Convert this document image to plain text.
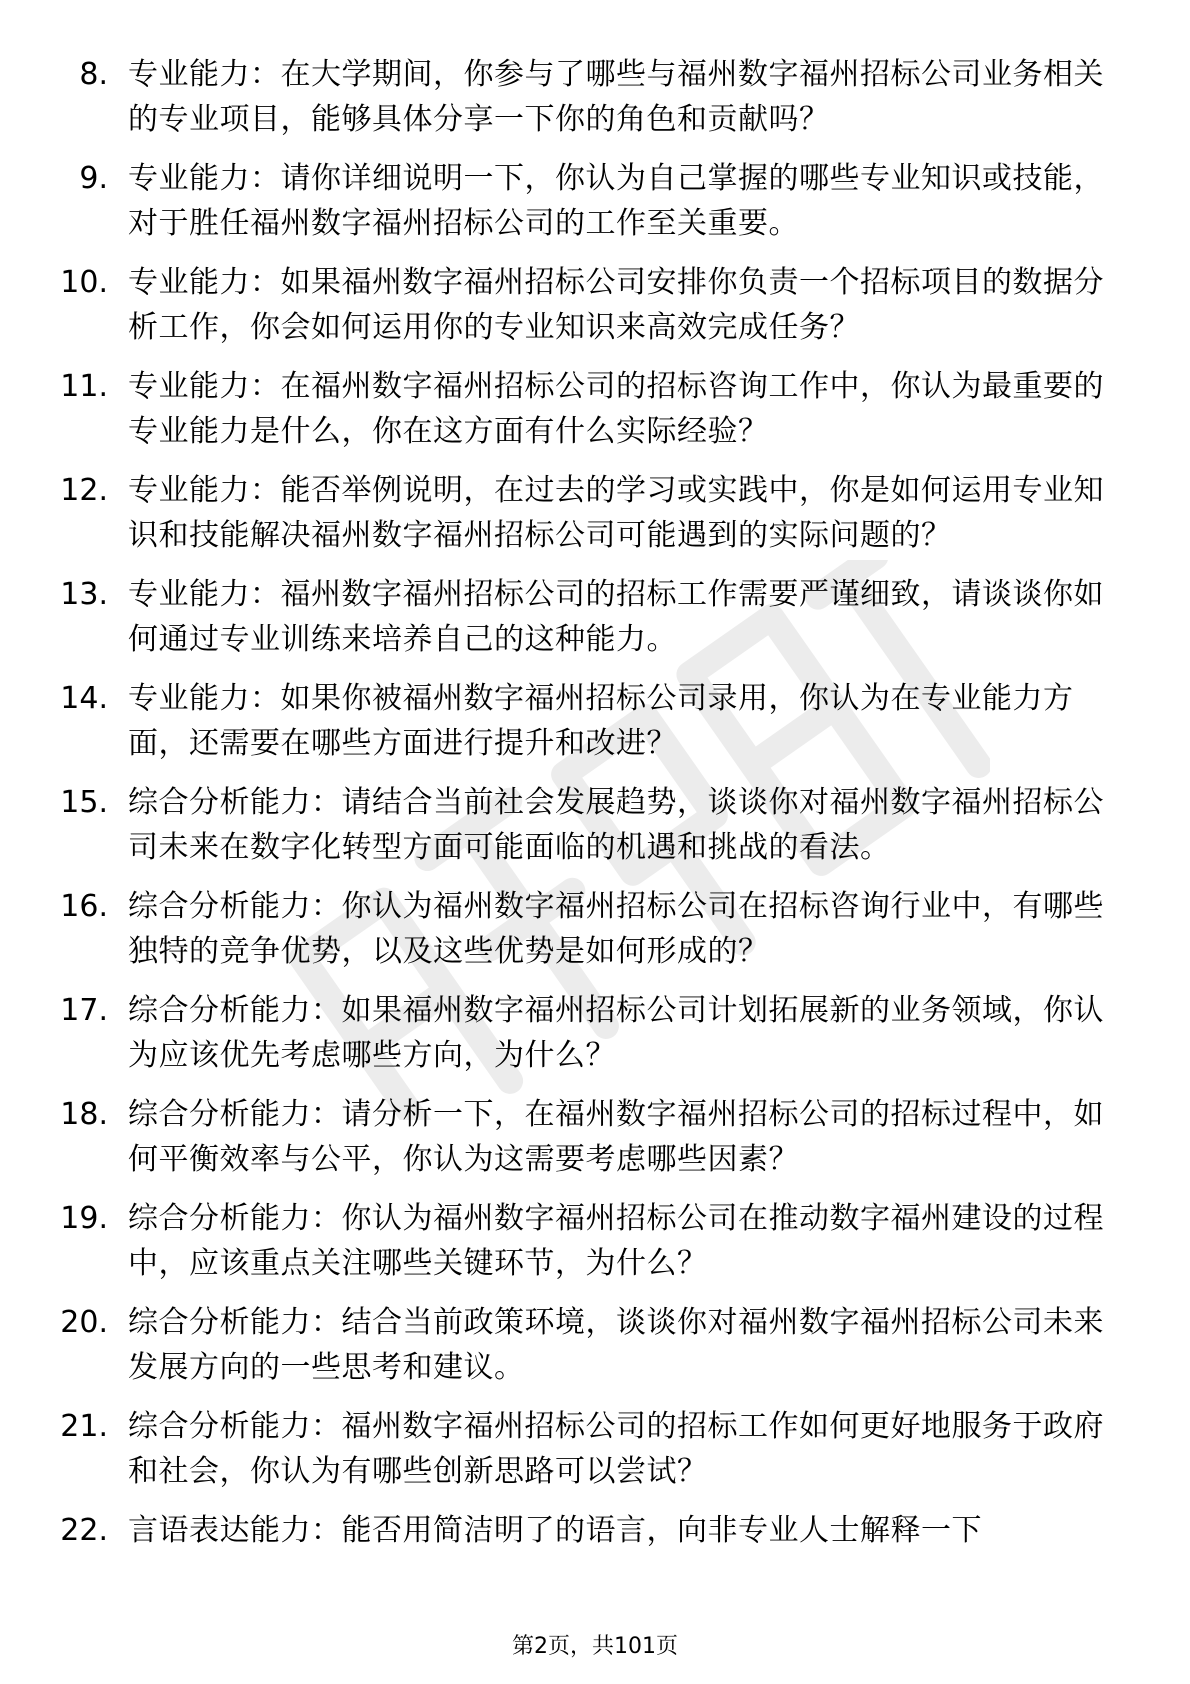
8. 专业能力：在大学期间，你参与了哪些与福州数字福州招标公司业务相关的专业项目，能够具体分享一下你的角色和贡献吗？
9. 专业能力：请你详细说明一下，你认为自己掌握的哪些专业知识或技能，对于胜任福州数字福州招标公司的工作至关重要。
10. 专业能力：如果福州数字福州招标公司安排你负责一个招标项目的数据分析工作，你会如何运用你的专业知识来高效完成任务？
11. 专业能力：在福州数字福州招标公司的招标咨询工作中，你认为最重要的专业能力是什么，你在这方面有什么实际经验？
12. 专业能力：能否举例说明，在过去的学习或实践中，你是如何运用专业知识和技能解决福州数字福州招标公司可能遇到的实际问题的？
13. 专业能力：福州数字福州招标公司的招标工作需要严谨细致，请谈谈你如何通过专业训练来培养自己的这种能力。
14. 专业能力：如果你被福州数字福州招标公司录用，你认为在专业能力方面，还需要在哪些方面进行提升和改进？
15. 综合分析能力：请结合当前社会发展趋势，谈谈你对福州数字福州招标公司未来在数字化转型方面可能面临的机遇和挑战的看法。
16. 综合分析能力：你认为福州数字福州招标公司在招标咨询行业中，有哪些独特的竞争优势，以及这些优势是如何形成的？
17. 综合分析能力：如果福州数字福州招标公司计划拓展新的业务领域，你认为应该优先考虑哪些方向，为什么？
18. 综合分析能力：请分析一下，在福州数字福州招标公司的招标过程中，如何平衡效率与公平，你认为这需要考虑哪些因素？
19. 综合分析能力：你认为福州数字福州招标公司在推动数字福州建设的过程中，应该重点关注哪些关键环节，为什么？
20. 综合分析能力：结合当前政策环境，谈谈你对福州数字福州招标公司未来发展方向的一些思考和建议。
21. 综合分析能力：福州数字福州招标公司的招标工作如何更好地服务于政府和社会，你认为有哪些创新思路可以尝试？
22. 言语表达能力：能否用简洁明了的语言，向非专业人士解释一下
第2页，共101页
